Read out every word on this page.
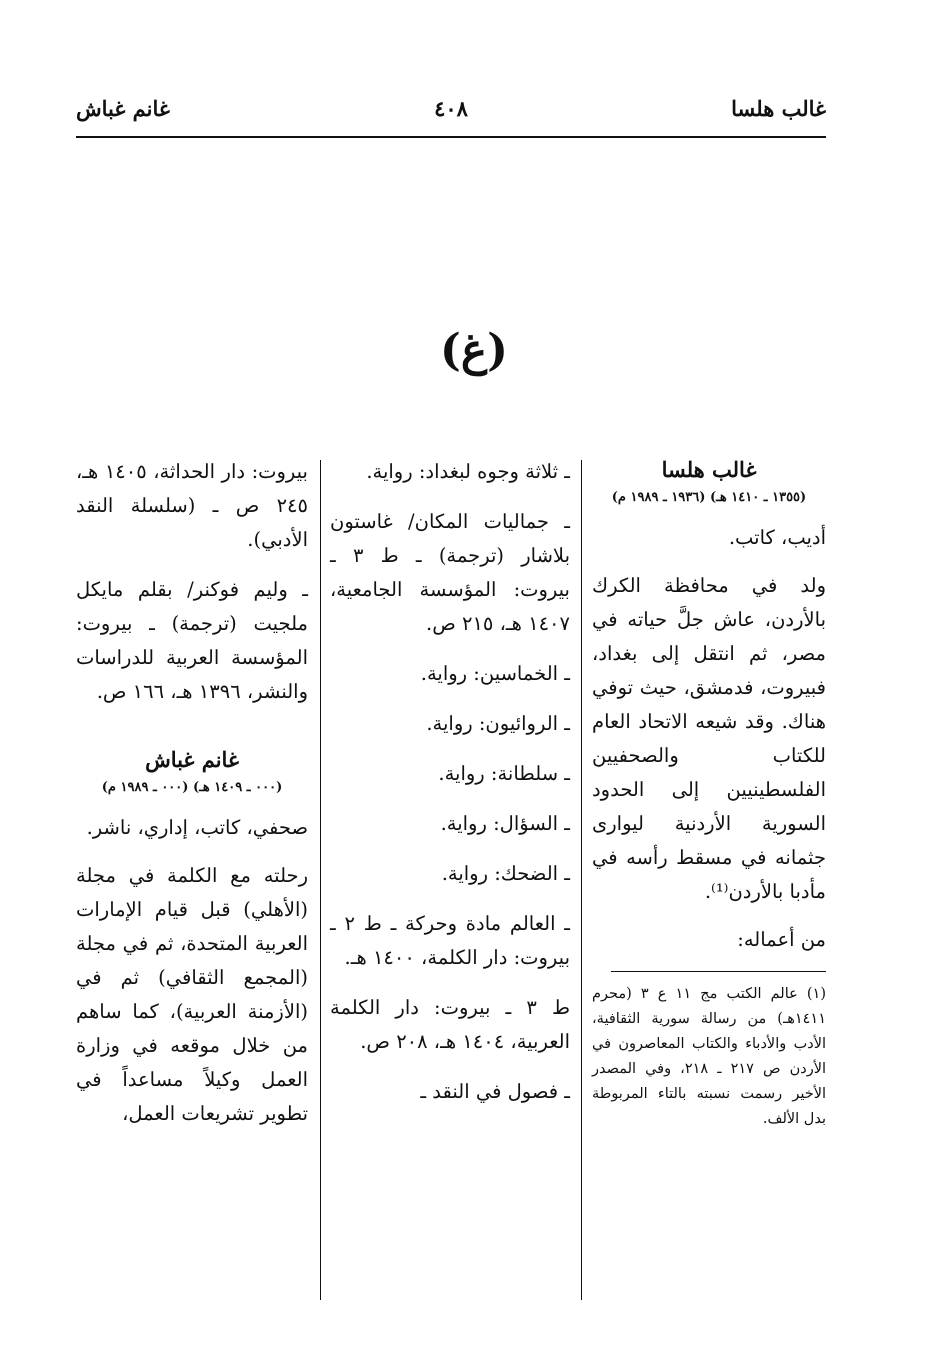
غالب هلسا
٤٠٨
غانم غباش
(غ)
غالب هلسا
(١٣٥٥ ـ ١٤١٠ هـ) (١٩٣٦ ـ ١٩٨٩ م)

أديب، كاتب.

ولد في محافظة الكرك بالأردن، عاش جلَّ حياته في مصر، ثم انتقل إلى بغداد، فبيروت، فدمشق، حيث توفي هناك. وقد شيعه الاتحاد العام للكتاب والصحفيين الفلسطينيين إلى الحدود السورية الأردنية ليوارى جثمانه في مسقط رأسه في مأدبا بالأردن⁽¹⁾.

من أعماله:

(١) عالم الكتب مج ١١ ع ٣ (محرم ١٤١١هـ) من رسالة سورية الثقافية، الأدب والأدباء والكتاب المعاصرون في الأردن ص ٢١٧ ـ ٢١٨، وفي المصدر الأخير رسمت نسبته بالتاء المربوطة بدل الألف.
ـ ثلاثة وجوه لبغداد: رواية.
ـ جماليات المكان/ غاستون بلاشار (ترجمة) ـ ط ٣ ـ بيروت: المؤسسة الجامعية، ١٤٠٧ هـ، ٢١٥ ص.
ـ الخماسين: رواية.
ـ الروائيون: رواية.
ـ سلطانة: رواية.
ـ السؤال: رواية.
ـ الضحك: رواية.
ـ العالم مادة وحركة ـ ط ٢ ـ بيروت: دار الكلمة، ١٤٠٠ هـ.
ط ٣ ـ بيروت: دار الكلمة العربية، ١٤٠٤ هـ، ٢٠٨ ص.
ـ فصول في النقد ـ
بيروت: دار الحداثة، ١٤٠٥ هـ، ٢٤٥ ص ـ (سلسلة النقد الأدبي).
ـ وليم فوكنر/ بقلم مايكل ملجيت (ترجمة) ـ بيروت: المؤسسة العربية للدراسات والنشر، ١٣٩٦ هـ، ١٦٦ ص.
غانم غباش
(٠٠٠ ـ ١٤٠٩ هـ) (٠٠٠ ـ ١٩٨٩ م)

صحفي، كاتب، إداري، ناشر.

رحلته مع الكلمة في مجلة (الأهلي) قبل قيام الإمارات العربية المتحدة، ثم في مجلة (المجمع الثقافي) ثم في (الأزمنة العربية)، كما ساهم من خلال موقعه في وزارة العمل وكيلاً مساعداً في تطوير تشريعات العمل،
